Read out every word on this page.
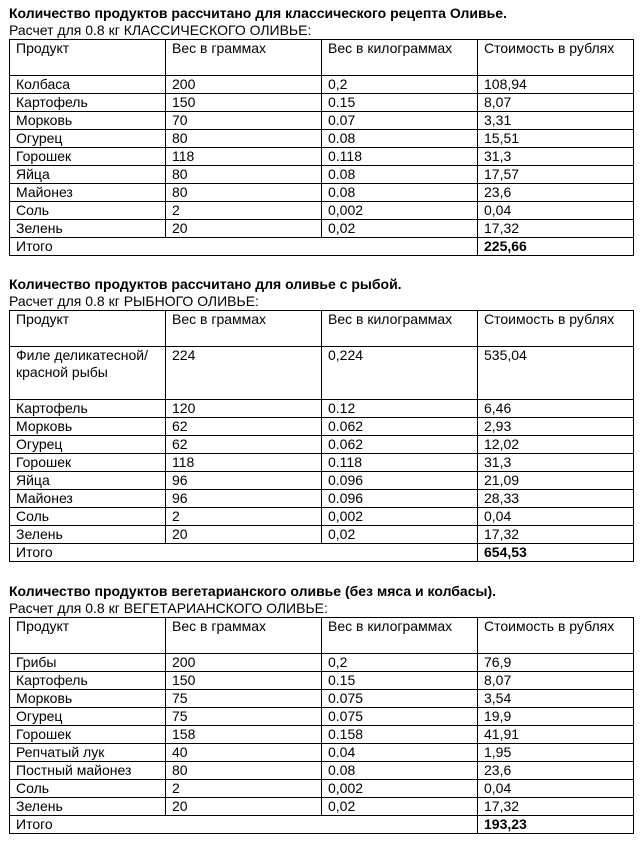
Количество продуктов рассчитано для классического рецепта Оливье.
Расчет для 0.8 кг КЛАССИЧЕСКОГО ОЛИВЬЕ:
Продукт	Вес в граммах	Вес в килограммах	Стоимость в рублях
Колбаса	200	0,2	108,94
Картофель	150	0.15	8,07
Морковь	70	0.07	3,31
Огурец	80	0.08	15,51
Горошек	118	0.118	31,3
Яйца	80	0.08	17,57
Майонез	80	0.08	23,6
Соль	2	0,002	0,04
Зелень	20	0,02	17,32
Итого			225,66
Количество продуктов рассчитано для оливье с рыбой.
Расчет для 0.8 кг РЫБНОГО ОЛИВЬЕ:
Продукт	Вес в граммах	Вес в килограммах	Стоимость в рублях
Филе деликатесной/ красной рыбы	224	0,224	535,04
Картофель	120	0.12	6,46
Морковь	62	0.062	2,93
Огурец	62	0.062	12,02
Горошек	118	0.118	31,3
Яйца	96	0.096	21,09
Майонез	96	0.096	28,33
Соль	2	0,002	0,04
Зелень	20	0,02	17,32
Итого			654,53
Количество продуктов вегетарианского оливье (без мяса и колбасы).
Расчет для 0.8 кг ВЕГЕТАРИАНСКОГО ОЛИВЬЕ:
Продукт	Вес в граммах	Вес в килограммах	Стоимость в рублях
Грибы	200	0,2	76,9
Картофель	150	0.15	8,07
Морковь	75	0.075	3,54
Огурец	75	0.075	19,9
Горошек	158	0.158	41,91
Репчатый лук	40	0.04	1,95
Постный майонез	80	0.08	23,6
Соль	2	0,002	0,04
Зелень	20	0,02	17,32
Итого			193,23
